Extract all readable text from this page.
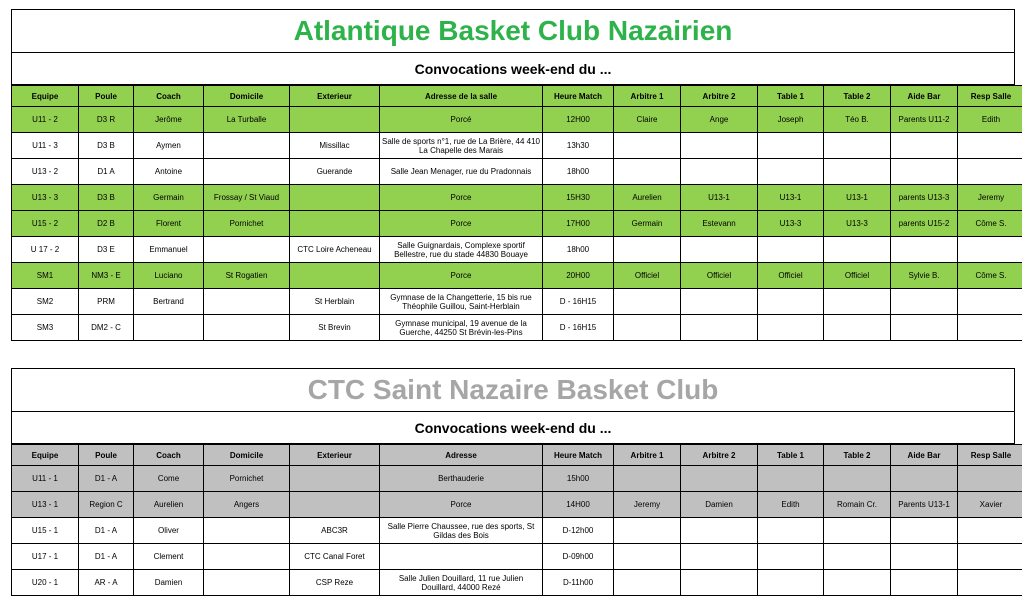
Atlantique Basket Club Nazairien
Convocations week-end du ...
Equipe	Poule	Coach	Domicile	Exterieur	Adresse de la salle	Heure Match	Arbitre 1	Arbitre 2	Table 1	Table 2	Aide Bar	Resp Salle
U11 - 2	D3 R	Jerôme	La Turballe		Porcé	12H00	Claire	Ange	Joseph	Téo B.	Parents U11-2	Edith
U11 - 3	D3 B	Aymen		Missillac	Salle de sports n°1, rue de La Brière, 44 410 La Chapelle des Marais	13h30						
U13 - 2	D1 A	Antoine		Guerande	Salle Jean Menager, rue du Pradonnais	18h00						
U13 - 3	D3 B	Germain	Frossay / St Viaud		Porce	15H30	Aurelien	U13-1	U13-1	U13-1	parents U13-3	Jeremy
U15 - 2	D2 B	Florent	Pornichet		Porce	17H00	Germain	Estevann	U13-3	U13-3	parents U15-2	Côme S.
U 17 - 2	D3 E	Emmanuel		CTC Loire Acheneau	Salle Guignardais, Complexe sportif Bellestre, rue du stade 44830 Bouaye	18h00						
SM1	NM3 - E	Luciano	St Rogatien		Porce	20H00	Officiel	Officiel	Officiel	Officiel	Sylvie B.	Côme S.
SM2	PRM	Bertrand		St Herblain	Gymnase de la Changetterie, 15 bis rue Théophile Guillou, Saint-Herblain	D - 16H15						
SM3	DM2 - C			St Brevin	Gymnase municipal, 19 avenue de la Guerche, 44250 St Brévin-les-Pins	D - 16H15						
CTC Saint Nazaire Basket Club
Convocations week-end du ...
Equipe	Poule	Coach	Domicile	Exterieur	Adresse	Heure Match	Arbitre 1	Arbitre 2	Table 1	Table 2	Aide Bar	Resp Salle
U11 - 1	D1 - A	Come	Pornichet		Berthauderie	15h00						
U13 - 1	Region C	Aurelien	Angers		Porce	14H00	Jeremy	Damien	Edith	Romain Cr.	Parents U13-1	Xavier
U15 - 1	D1 - A	Oliver		ABC3R	Salle Pierre Chaussee, rue des sports, St Gildas des Bois	D-12h00						
U17 - 1	D1 - A	Clement		CTC Canal Foret		D-09h00						
U20 - 1	AR - A	Damien		CSP Reze	Salle Julien Douillard, 11 rue Julien Douillard, 44000 Rezé	D-11h00						
